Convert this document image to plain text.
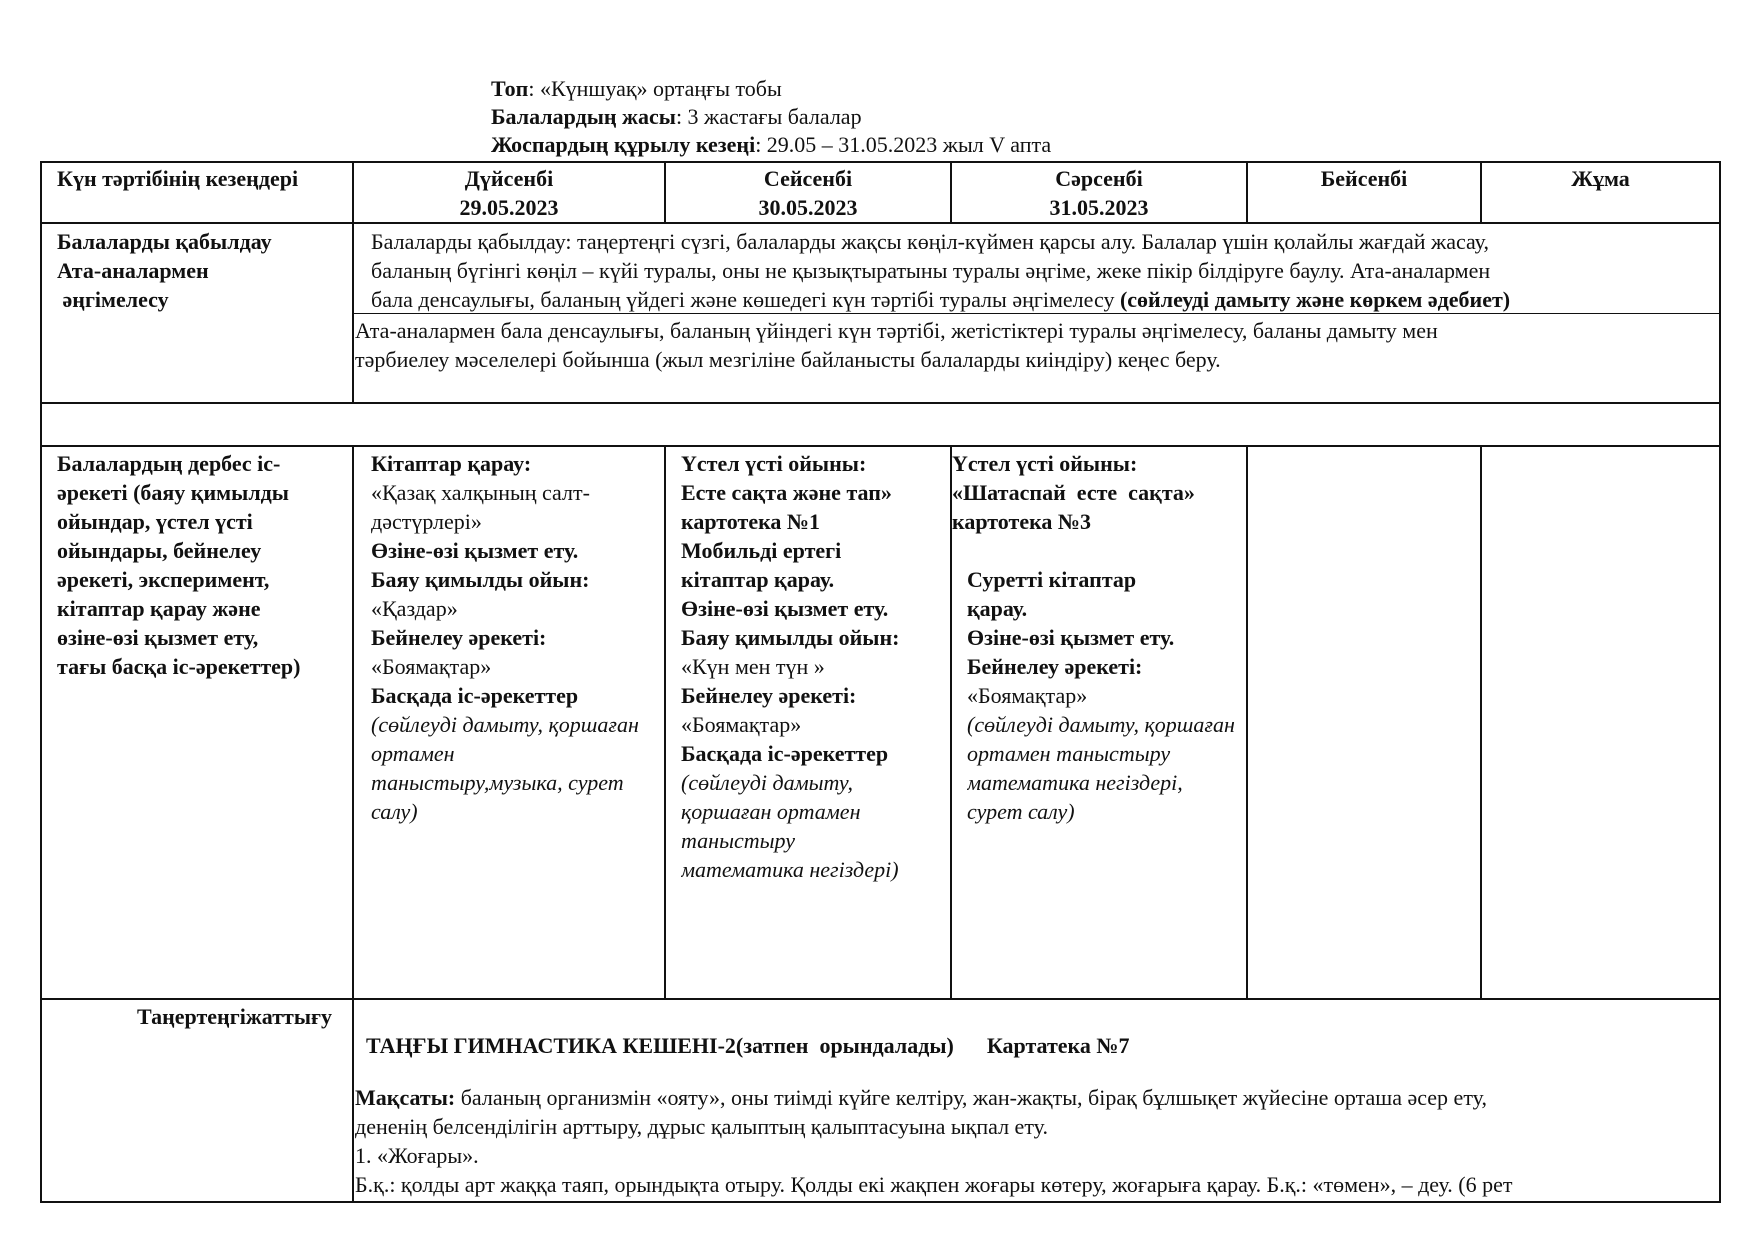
Топ: «Күншуақ» ортаңғы тобы
Балалардың жасы: 3 жастағы балалар
Жоспардың құрылу кезеңі: 29.05 – 31.05.2023 жыл V апта
Күн тәртібінің кезеңдері	Дүйсенбі
29.05.2023
Сейсенбі
30.05.2023
Сәрсенбі
31.05.2023
Бейсенбі	Жұма
Балаларды қабылдау
Ата-аналармен
әңгімелесу
Балаларды қабылдау: таңертеңгі сүзгі, балаларды жақсы көңіл-күймен қарсы алу. Балалар үшін қолайлы жағдай жасау,
баланың бүгінгі көңіл – күйі туралы, оны не қызықтыратыны туралы әңгіме, жеке пікір білдіруге баулу. Ата-аналармен
бала денсаулығы, баланың үйдегі және көшедегі күн тәртібі туралы әңгімелесу (сөйлеуді дамыту және көркем әдебиет)
Ата-аналармен бала денсаулығы, баланың үйіндегі күн тәртібі, жетістіктері туралы әңгімелесу, баланы дамыту мен
тәрбиелеу мәселелері бойынша (жыл мезгіліне байланысты балаларды киіндіру) кеңес беру.
Балалардың дербес іс-
әрекеті (баяу қимылды
ойындар, үстел үсті
ойындары, бейнелеу
әрекеті, эксперимент,
кітаптар қарау және
өзіне-өзі қызмет ету,
тағы басқа іс-әрекеттер)
Кітаптар қарау:
«Қазақ халқының салт-
дәстүрлері»
Өзіне-өзі қызмет ету.
Баяу қимылды ойын:
«Қаздар»
Бейнелеу әрекеті:
«Боямақтар»
Басқада іс-әрекеттер
(сөйлеуді дамыту, қоршаған
ортамен
таныстыру,музыка, сурет
салу)
Үстел үсті ойыны:
Есте сақта және тап»
картотека №1
Мобильді ертегі
кітаптар қарау.
Өзіне-өзі қызмет ету.
Баяу қимылды ойын:
«Күн мен түн »
Бейнелеу әрекеті:
«Боямақтар»
Басқада іс-әрекеттер
(сөйлеуді дамыту,
қоршаған ортамен
таныстыру
математика негіздері)
Үстел үсті ойыны:
«Шатаспай  есте  сақта»
картотека №3
Суретті кітаптар
қарау.
Өзіне-өзі қызмет ету.
Бейнелеу әрекеті:
«Боямақтар»
(сөйлеуді дамыту, қоршаған
ортамен таныстыру
математика негіздері,
сурет салу)
Таңертеңгіжаттығу

ТАҢҒЫ ГИМНАСТИКА КЕШЕНІ-2(затпен  орындалады)      Картатека №7

Мақсаты: баланың организмін «ояту», оны тиімді күйге келтіру, жан-жақты, бірақ бұлшықет жүйесіне орташа әсер ету,
дененің белсенділігін арттыру, дұрыс қалыптың қалыптасуына ықпал ету.
1. «Жоғары».
Б.қ.: қолды арт жаққа таяп, орындықта отыру. Қолды екі жақпен жоғары көтеру, жоғарыға қарау. Б.қ.: «төмен», – деу. (6 рет
